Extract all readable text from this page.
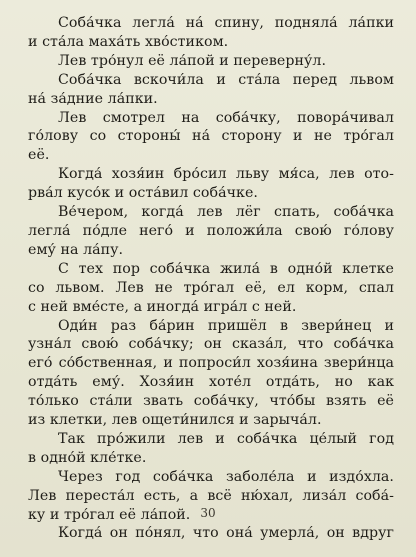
Соба́чка легла́ на́ спину, подняла́ ла́пки
и ста́ла маха́ть хво́стиком.
Лев тро́нул её ла́пой и переверну́л.
Соба́чка вскочи́ла и ста́ла перед львом
на́ за́дние ла́пки.
Лев смотрел на соба́чку, повора́чивал
го́лову со стороны́ на́ сторону и не тро́гал
её.
Когда́ хозя́ин бро́сил льву мя́са, лев ото-
рва́л кусо́к и оста́вил соба́чке.
Ве́чером, когда́ лев лёг спать, соба́чка
легла́ по́дле него́ и положи́ла свою́ го́лову
ему́ на ла́пу.
С тех пор соба́чка жила́ в одно́й клетке
со львом. Лев не тро́гал её, ел корм, спал
с ней вме́сте, а иногда́ игра́л с ней.
Оди́н раз ба́рин пришёл в звери́нец и
узна́л свою́ соба́чку; он сказа́л, что соба́чка
его́ со́бственная, и попроси́л хозя́ина звери́нца
отда́ть ему́. Хозя́ин хоте́л отда́ть, но как
то́лько ста́ли звать соба́чку, что́бы взять её
из клетки, лев ощети́нился и зарыча́л.
Так про́жили лев и соба́чка це́лый год
в одно́й кле́тке.
Через год соба́чка заболе́ла и издо́хла.
Лев переста́л есть, а всё ню́хал, лиза́л соба́-
ку и тро́гал её ла́пой.
Когда́ он по́нял, что она́ умерла́, он вдруг
30
